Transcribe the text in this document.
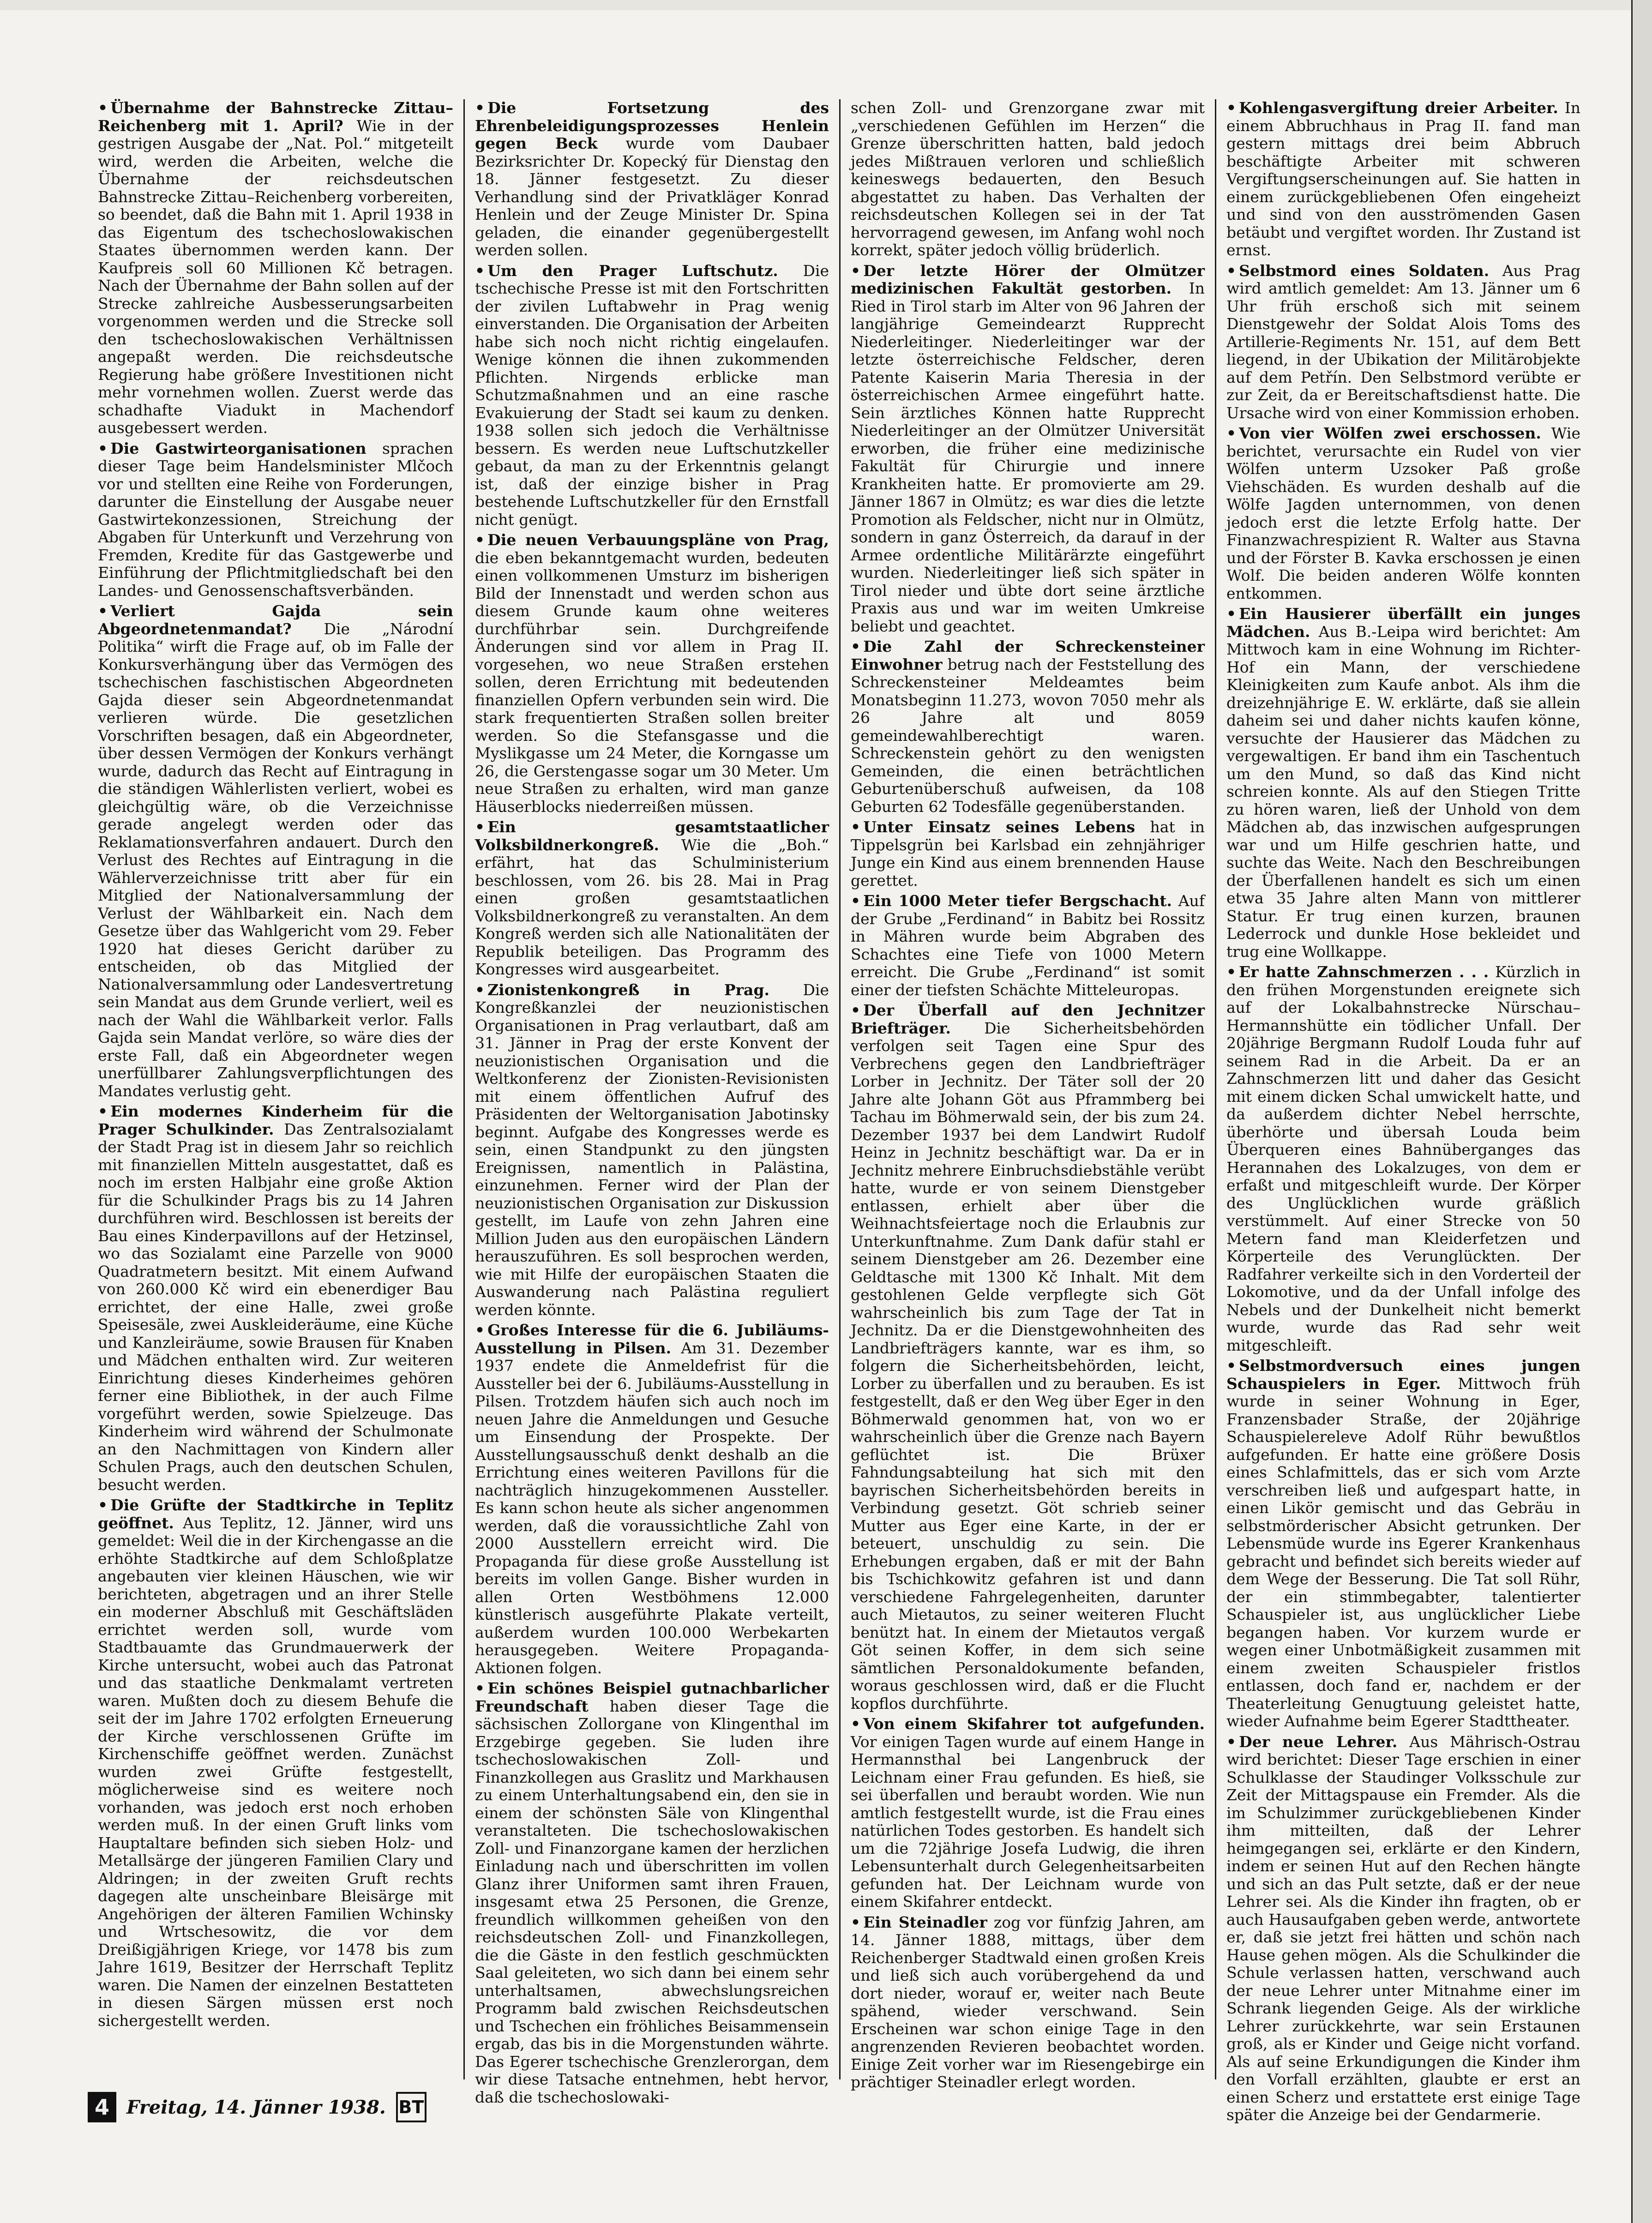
• Übernahme der Bahnstrecke Zittau–Reichenberg mit 1. April? Wie in der gestrigen Ausgabe der „Nat. Pol.“ mitgeteilt wird, werden die Arbeiten, welche die Übernahme der reichsdeutschen Bahnstrecke Zittau–Reichenberg vorbereiten, so beendet, daß die Bahn mit 1. April 1938 in das Eigentum des tschechoslowakischen Staates übernommen werden kann. Der Kaufpreis soll 60 Millionen Kč betragen. Nach der Übernahme der Bahn sollen auf der Strecke zahlreiche Ausbesserungsarbeiten vorgenommen werden und die Strecke soll den tschechoslowakischen Verhältnissen angepaßt werden. Die reichsdeutsche Regierung habe größere Investitionen nicht mehr vornehmen wollen. Zuerst werde das schadhafte Viadukt in Machendorf ausgebessert werden.

• Die Gastwirteorganisationen sprachen dieser Tage beim Handelsminister Mlčoch vor und stellten eine Reihe von Forderungen, darunter die Einstellung der Ausgabe neuer Gastwirtekonzessionen, Streichung der Abgaben für Unterkunft und Verzehrung von Fremden, Kredite für das Gastgewerbe und Einführung der Pflichtmitgliedschaft bei den Landes- und Genossenschaftsverbänden.

• Verliert Gajda sein Abgeordnetenmandat? Die „Národní Politika“ wirft die Frage auf, ob im Falle der Konkursverhängung über das Vermögen des tschechischen faschistischen Abgeordneten Gajda dieser sein Abgeordnetenmandat verlieren würde. Die gesetzlichen Vorschriften besagen, daß ein Abgeordneter, über dessen Vermögen der Konkurs verhängt wurde, dadurch das Recht auf Eintragung in die ständigen Wählerlisten verliert, wobei es gleichgültig wäre, ob die Verzeichnisse gerade angelegt werden oder das Reklamationsverfahren andauert. Durch den Verlust des Rechtes auf Eintragung in die Wählerverzeichnisse tritt aber für ein Mitglied der Nationalversammlung der Verlust der Wählbarkeit ein. Nach dem Gesetze über das Wahlgericht vom 29. Feber 1920 hat dieses Gericht darüber zu entscheiden, ob das Mitglied der Nationalversammlung oder Landesvertretung sein Mandat aus dem Grunde verliert, weil es nach der Wahl die Wählbarkeit verlor. Falls Gajda sein Mandat verlöre, so wäre dies der erste Fall, daß ein Abgeordneter wegen unerfüllbarer Zahlungsverpflichtungen des Mandates verlustig geht.

• Ein modernes Kinderheim für die Prager Schulkinder. Das Zentralsozialamt der Stadt Prag ist in diesem Jahr so reichlich mit finanziellen Mitteln ausgestattet, daß es noch im ersten Halbjahr eine große Aktion für die Schulkinder Prags bis zu 14 Jahren durchführen wird. Beschlossen ist bereits der Bau eines Kinderpavillons auf der Hetzinsel, wo das Sozialamt eine Parzelle von 9000 Quadratmetern besitzt. Mit einem Aufwand von 260.000 Kč wird ein ebenerdiger Bau errichtet, der eine Halle, zwei große Speisesäle, zwei Auskleideräume, eine Küche und Kanzleiräume, sowie Brausen für Knaben und Mädchen enthalten wird. Zur weiteren Einrichtung dieses Kinderheimes gehören ferner eine Bibliothek, in der auch Filme vorgeführt werden, sowie Spielzeuge. Das Kinderheim wird während der Schulmonate an den Nachmittagen von Kindern aller Schulen Prags, auch den deutschen Schulen, besucht werden.

• Die Grüfte der Stadtkirche in Teplitz geöffnet. Aus Teplitz, 12. Jänner, wird uns gemeldet: Weil die in der Kirchengasse an die erhöhte Stadtkirche auf dem Schloßplatze angebauten vier kleinen Häuschen, wie wir berichteten, abgetragen und an ihrer Stelle ein moderner Abschluß mit Geschäftsläden errichtet werden soll, wurde vom Stadtbauamte das Grundmauerwerk der Kirche untersucht, wobei auch das Patronat und das staatliche Denkmalamt vertreten waren. Mußten doch zu diesem Behufe die seit der im Jahre 1702 erfolgten Erneuerung der Kirche verschlossenen Grüfte im Kirchenschiffe geöffnet werden. Zunächst wurden zwei Grüfte festgestellt, möglicherweise sind es weitere noch vorhanden, was jedoch erst noch erhoben werden muß. In der einen Gruft links vom Hauptaltare befinden sich sieben Holz- und Metallsärge der jüngeren Familien Clary und Aldringen; in der zweiten Gruft rechts dagegen alte unscheinbare Bleisärge mit Angehörigen der älteren Familien Wchinsky und Wrtschesowitz, die vor dem Dreißigjährigen Kriege, vor 1478 bis zum Jahre 1619, Besitzer der Herrschaft Teplitz waren. Die Namen der einzelnen Bestatteten in diesen Särgen müssen erst noch sichergestellt werden.

• Die Fortsetzung des Ehrenbeleidigungsprozesses Henlein gegen Beck wurde vom Daubaer Bezirksrichter Dr. Kopecký für Dienstag den 18. Jänner festgesetzt. Zu dieser Verhandlung sind der Privatkläger Konrad Henlein und der Zeuge Minister Dr. Spina geladen, die einander gegenübergestellt werden sollen.

• Um den Prager Luftschutz. Die tschechische Presse ist mit den Fortschritten der zivilen Luftabwehr in Prag wenig einverstanden. Die Organisation der Arbeiten habe sich noch nicht richtig eingelaufen. Wenige können die ihnen zukommenden Pflichten. Nirgends erblicke man Schutzmaßnahmen und an eine rasche Evakuierung der Stadt sei kaum zu denken. 1938 sollen sich jedoch die Verhältnisse bessern. Es werden neue Luftschutzkeller gebaut, da man zu der Erkenntnis gelangt ist, daß der einzige bisher in Prag bestehende Luftschutzkeller für den Ernstfall nicht genügt.

• Die neuen Verbauungspläne von Prag, die eben bekanntgemacht wurden, bedeuten einen vollkommenen Umsturz im bisherigen Bild der Innenstadt und werden schon aus diesem Grunde kaum ohne weiteres durchführbar sein. Durchgreifende Änderungen sind vor allem in Prag II. vorgesehen, wo neue Straßen erstehen sollen, deren Errichtung mit bedeutenden finanziellen Opfern verbunden sein wird. Die stark frequentierten Straßen sollen breiter werden. So die Stefansgasse und die Myslikgasse um 24 Meter, die Korngasse um 26, die Gerstengasse sogar um 30 Meter. Um neue Straßen zu erhalten, wird man ganze Häuserblocks niederreißen müssen.

• Ein gesamtstaatlicher Volksbildnerkongreß. Wie die „Boh.“ erfährt, hat das Schulministerium beschlossen, vom 26. bis 28. Mai in Prag einen großen gesamtstaatlichen Volksbildnerkongreß zu veranstalten. An dem Kongreß werden sich alle Nationalitäten der Republik beteiligen. Das Programm des Kongresses wird ausgearbeitet.

• Zionistenkongreß in Prag. Die Kongreßkanzlei der neuzionistischen Organisationen in Prag verlautbart, daß am 31. Jänner in Prag der erste Konvent der neuzionistischen Organisation und die Weltkonferenz der Zionisten-Revisionisten mit einem öffentlichen Aufruf des Präsidenten der Weltorganisation Jabotinsky beginnt. Aufgabe des Kongresses werde es sein, einen Standpunkt zu den jüngsten Ereignissen, namentlich in Palästina, einzunehmen. Ferner wird der Plan der neuzionistischen Organisation zur Diskussion gestellt, im Laufe von zehn Jahren eine Million Juden aus den europäischen Ländern herauszuführen. Es soll besprochen werden, wie mit Hilfe der europäischen Staaten die Auswanderung nach Palästina reguliert werden könnte.

• Großes Interesse für die 6. Jubiläums-Ausstellung in Pilsen. Am 31. Dezember 1937 endete die Anmeldefrist für die Aussteller bei der 6. Jubiläums-Ausstellung in Pilsen. Trotzdem häufen sich auch noch im neuen Jahre die Anmeldungen und Gesuche um Einsendung der Prospekte. Der Ausstellungsausschuß denkt deshalb an die Errichtung eines weiteren Pavillons für die nachträglich hinzugekommenen Aussteller. Es kann schon heute als sicher angenommen werden, daß die voraussichtliche Zahl von 2000 Ausstellern erreicht wird. Die Propaganda für diese große Ausstellung ist bereits im vollen Gange. Bisher wurden in allen Orten Westböhmens 12.000 künstlerisch ausgeführte Plakate verteilt, außerdem wurden 100.000 Werbekarten herausgegeben. Weitere Propaganda-Aktionen folgen.

• Ein schönes Beispiel gutnachbarlicher Freundschaft haben dieser Tage die sächsischen Zollorgane von Klingenthal im Erzgebirge gegeben. Sie luden ihre tschechoslowakischen Zoll- und Finanzkollegen aus Graslitz und Markhausen zu einem Unterhaltungsabend ein, den sie in einem der schönsten Säle von Klingenthal veranstalteten. Die tschechoslowakischen Zoll- und Finanzorgane kamen der herzlichen Einladung nach und überschritten im vollen Glanz ihrer Uniformen samt ihren Frauen, insgesamt etwa 25 Personen, die Grenze, freundlich willkommen geheißen von den reichsdeutschen Zoll- und Finanzkollegen, die die Gäste in den festlich geschmückten Saal geleiteten, wo sich dann bei einem sehr unterhaltsamen, abwechslungsreichen Programm bald zwischen Reichsdeutschen und Tschechen ein fröhliches Beisammensein ergab, das bis in die Morgenstunden währte. Das Egerer tschechische Grenzlerorgan, dem wir diese Tatsache entnehmen, hebt hervor, daß die tschechoslowaki-

schen Zoll- und Grenzorgane zwar mit „verschiedenen Gefühlen im Herzen“ die Grenze überschritten hatten, bald jedoch jedes Mißtrauen verloren und schließlich keineswegs bedauerten, den Besuch abgestattet zu haben. Das Verhalten der reichsdeutschen Kollegen sei in der Tat hervorragend gewesen, im Anfang wohl noch korrekt, später jedoch völlig brüderlich.

• Der letzte Hörer der Olmützer medizinischen Fakultät gestorben. In Ried in Tirol starb im Alter von 96 Jahren der langjährige Gemeindearzt Rupprecht Niederleitinger. Niederleitinger war der letzte österreichische Feldscher, deren Patente Kaiserin Maria Theresia in der österreichischen Armee eingeführt hatte. Sein ärztliches Können hatte Rupprecht Niederleitinger an der Olmützer Universität erworben, die früher eine medizinische Fakultät für Chirurgie und innere Krankheiten hatte. Er promovierte am 29. Jänner 1867 in Olmütz; es war dies die letzte Promotion als Feldscher, nicht nur in Olmütz, sondern in ganz Österreich, da darauf in der Armee ordentliche Militärärzte eingeführt wurden. Niederleitinger ließ sich später in Tirol nieder und übte dort seine ärztliche Praxis aus und war im weiten Umkreise beliebt und geachtet.

• Die Zahl der Schreckensteiner Einwohner betrug nach der Feststellung des Schreckensteiner Meldeamtes beim Monatsbeginn 11.273, wovon 7050 mehr als 26 Jahre alt und 8059 gemeindewahlberechtigt waren. Schreckenstein gehört zu den wenigsten Gemeinden, die einen beträchtlichen Geburtenüberschuß aufweisen, da 108 Geburten 62 Todesfälle gegenüberstanden.

• Unter Einsatz seines Lebens hat in Tippelsgrün bei Karlsbad ein zehnjähriger Junge ein Kind aus einem brennenden Hause gerettet.

• Ein 1000 Meter tiefer Bergschacht. Auf der Grube „Ferdinand“ in Babitz bei Rossitz in Mähren wurde beim Abgraben des Schachtes eine Tiefe von 1000 Metern erreicht. Die Grube „Ferdinand“ ist somit einer der tiefsten Schächte Mitteleuropas.

• Der Überfall auf den Jechnitzer Briefträger. Die Sicherheitsbehörden verfolgen seit Tagen eine Spur des Verbrechens gegen den Landbriefträger Lorber in Jechnitz. Der Täter soll der 20 Jahre alte Johann Göt aus Pframmberg bei Tachau im Böhmerwald sein, der bis zum 24. Dezember 1937 bei dem Landwirt Rudolf Heinz in Jechnitz beschäftigt war. Da er in Jechnitz mehrere Einbruchsdiebstähle verübt hatte, wurde er von seinem Dienstgeber entlassen, erhielt aber über die Weihnachtsfeiertage noch die Erlaubnis zur Unterkunftnahme. Zum Dank dafür stahl er seinem Dienstgeber am 26. Dezember eine Geldtasche mit 1300 Kč Inhalt. Mit dem gestohlenen Gelde verpflegte sich Göt wahrscheinlich bis zum Tage der Tat in Jechnitz. Da er die Dienstgewohnheiten des Landbriefträgers kannte, war es ihm, so folgern die Sicherheitsbehörden, leicht, Lorber zu überfallen und zu berauben. Es ist festgestellt, daß er den Weg über Eger in den Böhmerwald genommen hat, von wo er wahrscheinlich über die Grenze nach Bayern geflüchtet ist. Die Brüxer Fahndungsabteilung hat sich mit den bayrischen Sicherheitsbehörden bereits in Verbindung gesetzt. Göt schrieb seiner Mutter aus Eger eine Karte, in der er beteuert, unschuldig zu sein. Die Erhebungen ergaben, daß er mit der Bahn bis Tschichkowitz gefahren ist und dann verschiedene Fahrgelegenheiten, darunter auch Mietautos, zu seiner weiteren Flucht benützt hat. In einem der Mietautos vergaß Göt seinen Koffer, in dem sich seine sämtlichen Personaldokumente befanden, woraus geschlossen wird, daß er die Flucht kopflos durchführte.

• Von einem Skifahrer tot aufgefunden. Vor einigen Tagen wurde auf einem Hange in Hermannsthal bei Langenbruck der Leichnam einer Frau gefunden. Es hieß, sie sei überfallen und beraubt worden. Wie nun amtlich festgestellt wurde, ist die Frau eines natürlichen Todes gestorben. Es handelt sich um die 72jährige Josefa Ludwig, die ihren Lebensunterhalt durch Gelegenheitsarbeiten gefunden hat. Der Leichnam wurde von einem Skifahrer entdeckt.

• Ein Steinadler zog vor fünfzig Jahren, am 14. Jänner 1888, mittags, über dem Reichenberger Stadtwald einen großen Kreis und ließ sich auch vorübergehend da und dort nieder, worauf er, weiter nach Beute spähend, wieder verschwand. Sein Erscheinen war schon einige Tage in den angrenzenden Revieren beobachtet worden. Einige Zeit vorher war im Riesengebirge ein prächtiger Steinadler erlegt worden.

• Kohlengasvergiftung dreier Arbeiter. In einem Abbruchhaus in Prag II. fand man gestern mittags drei beim Abbruch beschäftigte Arbeiter mit schweren Vergiftungserscheinungen auf. Sie hatten in einem zurückgebliebenen Ofen eingeheizt und sind von den ausströmenden Gasen betäubt und vergiftet worden. Ihr Zustand ist ernst.

• Selbstmord eines Soldaten. Aus Prag wird amtlich gemeldet: Am 13. Jänner um 6 Uhr früh erschoß sich mit seinem Dienstgewehr der Soldat Alois Toms des Artillerie-Regiments Nr. 151, auf dem Bett liegend, in der Ubikation der Militärobjekte auf dem Petřín. Den Selbstmord verübte er zur Zeit, da er Bereitschaftsdienst hatte. Die Ursache wird von einer Kommission erhoben.

• Von vier Wölfen zwei erschossen. Wie berichtet, verursachte ein Rudel von vier Wölfen unterm Uzsoker Paß große Viehschäden. Es wurden deshalb auf die Wölfe Jagden unternommen, von denen jedoch erst die letzte Erfolg hatte. Der Finanzwachrespizient R. Walter aus Stavna und der Förster B. Kavka erschossen je einen Wolf. Die beiden anderen Wölfe konnten entkommen.

• Ein Hausierer überfällt ein junges Mädchen. Aus B.-Leipa wird berichtet: Am Mittwoch kam in eine Wohnung im Richter-Hof ein Mann, der verschiedene Kleinigkeiten zum Kaufe anbot. Als ihm die dreizehnjährige E. W. erklärte, daß sie allein daheim sei und daher nichts kaufen könne, versuchte der Hausierer das Mädchen zu vergewaltigen. Er band ihm ein Taschentuch um den Mund, so daß das Kind nicht schreien konnte. Als auf den Stiegen Tritte zu hören waren, ließ der Unhold von dem Mädchen ab, das inzwischen aufgesprungen war und um Hilfe geschrien hatte, und suchte das Weite. Nach den Beschreibungen der Überfallenen handelt es sich um einen etwa 35 Jahre alten Mann von mittlerer Statur. Er trug einen kurzen, braunen Lederrock und dunkle Hose bekleidet und trug eine Wollkappe.

• Er hatte Zahnschmerzen . . . Kürzlich in den frühen Morgenstunden ereignete sich auf der Lokalbahnstrecke Nürschau–Hermannshütte ein tödlicher Unfall. Der 20jährige Bergmann Rudolf Louda fuhr auf seinem Rad in die Arbeit. Da er an Zahnschmerzen litt und daher das Gesicht mit einem dicken Schal umwickelt hatte, und da außerdem dichter Nebel herrschte, überhörte und übersah Louda beim Überqueren eines Bahnüberganges das Herannahen des Lokalzuges, von dem er erfaßt und mitgeschleift wurde. Der Körper des Unglücklichen wurde gräßlich verstümmelt. Auf einer Strecke von 50 Metern fand man Kleiderfetzen und Körperteile des Verunglückten. Der Radfahrer verkeilte sich in den Vorderteil der Lokomotive, und da der Unfall infolge des Nebels und der Dunkelheit nicht bemerkt wurde, wurde das Rad sehr weit mitgeschleift.

• Selbstmordversuch eines jungen Schauspielers in Eger. Mittwoch früh wurde in seiner Wohnung in Eger, Franzensbader Straße, der 20jährige Schauspielereleve Adolf Rühr bewußtlos aufgefunden. Er hatte eine größere Dosis eines Schlafmittels, das er sich vom Arzte verschreiben ließ und aufgespart hatte, in einen Likör gemischt und das Gebräu in selbstmörderischer Absicht getrunken. Der Lebensmüde wurde ins Egerer Krankenhaus gebracht und befindet sich bereits wieder auf dem Wege der Besserung. Die Tat soll Rühr, der ein stimmbegabter, talentierter Schauspieler ist, aus unglücklicher Liebe begangen haben. Vor kurzem wurde er wegen einer Unbotmäßigkeit zusammen mit einem zweiten Schauspieler fristlos entlassen, doch fand er, nachdem er der Theaterleitung Genugtuung geleistet hatte, wieder Aufnahme beim Egerer Stadttheater.

• Der neue Lehrer. Aus Mährisch-Ostrau wird berichtet: Dieser Tage erschien in einer Schulklasse der Staudinger Volksschule zur Zeit der Mittagspause ein Fremder. Als die im Schulzimmer zurückgebliebenen Kinder ihm mitteilten, daß der Lehrer heimgegangen sei, erklärte er den Kindern, indem er seinen Hut auf den Rechen hängte und sich an das Pult setzte, daß er der neue Lehrer sei. Als die Kinder ihn fragten, ob er auch Hausaufgaben geben werde, antwortete er, daß sie jetzt frei hätten und schön nach Hause gehen mögen. Als die Schulkinder die Schule verlassen hatten, verschwand auch der neue Lehrer unter Mitnahme einer im Schrank liegenden Geige. Als der wirkliche Lehrer zurückkehrte, war sein Erstaunen groß, als er Kinder und Geige nicht vorfand. Als auf seine Erkundigungen die Kinder ihm den Vorfall erzählten, glaubte er erst an einen Scherz und erstattete erst einige Tage später die Anzeige bei der Gendarmerie.

4 Freitag, 14. Jänner 1938. BT
